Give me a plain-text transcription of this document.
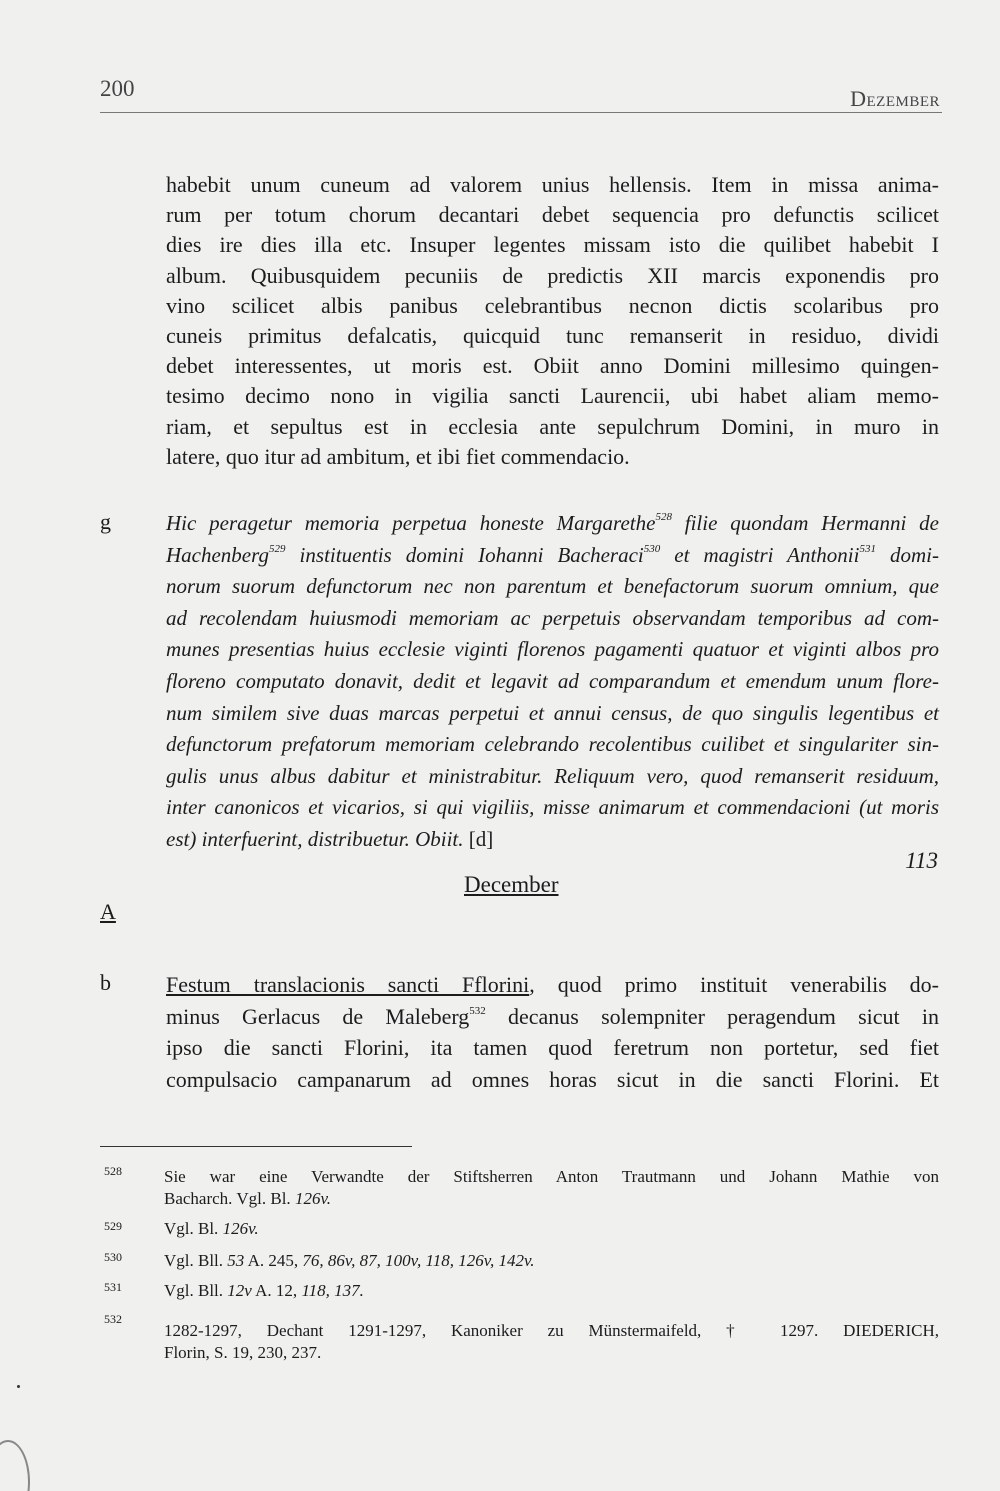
200	Dezember
habebit unum cuneum ad valorem unius hellensis. Item in missa anima-
rum per totum chorum decantari debet sequencia pro defunctis scilicet
dies ire dies illa etc. Insuper legentes missam isto die quilibet habebit I
album. Quibusquidem pecuniis de predictis XII marcis exponendis pro
vino scilicet albis panibus celebrantibus necnon dictis scolaribus pro
cuneis primitus defalcatis, quicquid tunc remanserit in residuo, dividi
debet interessentes, ut moris est. Obiit anno Domini millesimo quingen-
tesimo decimo nono in vigilia sancti Laurencii, ubi habet aliam memo-
riam, et sepultus est in ecclesia ante sepulchrum Domini, in muro in
latere, quo itur ad ambitum, et ibi fiet commendacio.
g	Hic peragetur memoria perpetua honeste Margarethe$^{528}$ filie quondam Hermanni de
Hachenberg$^{529}$ instituentis domini Iohanni Bacheraci$^{530}$ et magistri Anthonii$^{531}$ domi-
norum suorum defunctorum nec non parentum et benefactorum suorum omnium, que
ad recolendam huiusmodi memoriam ac perpetuis observandam temporibus ad com-
munes presentias huius ecclesie viginti florenos pagamenti quatuor et viginti albos pro
floreno computato donavit, dedit et legavit ad comparandum et emendum unum flore-
num similem sive duas marcas perpetui et annui census, de quo singulis legentibus et
defunctorum prefatorum memoriam celebrando recolentibus cuilibet et singulariter sin-
gulis unus albus dabitur et ministrabitur. Reliquum vero, quod remanserit residuum,
inter canonicos et vicarios, si qui vigiliis, misse animarum et commendacioni (ut moris
est) interfuerint, distribuetur. Obiit. [d]
113
December
A
b	Festum translacionis sancti Fflorini, quod primo instituit venerabilis do-
minus Gerlacus de Maleberg$^{532}$ decanus solempniter peragendum sicut in
ipso die sancti Florini, ita tamen quod feretrum non portetur, sed fiet
compulsacio campanarum ad omnes horas sicut in die sancti Florini. Et
528 Sie war eine Verwandte der Stiftsherren Anton Trautmann und Johann Mathie von
Bacharch. Vgl. Bl. 126v.
529 Vgl. Bl. 126v.
530 Vgl. Bll. 53 A. 245, 76, 86v, 87, 100v, 118, 126v, 142v.
531 Vgl. Bll. 12v A. 12, 118, 137.
532
1282-1297, Dechant 1291-1297, Kanoniker zu Münstermaifeld, † 1297. DIEDERICH,
Florin, S. 19, 230, 237.
